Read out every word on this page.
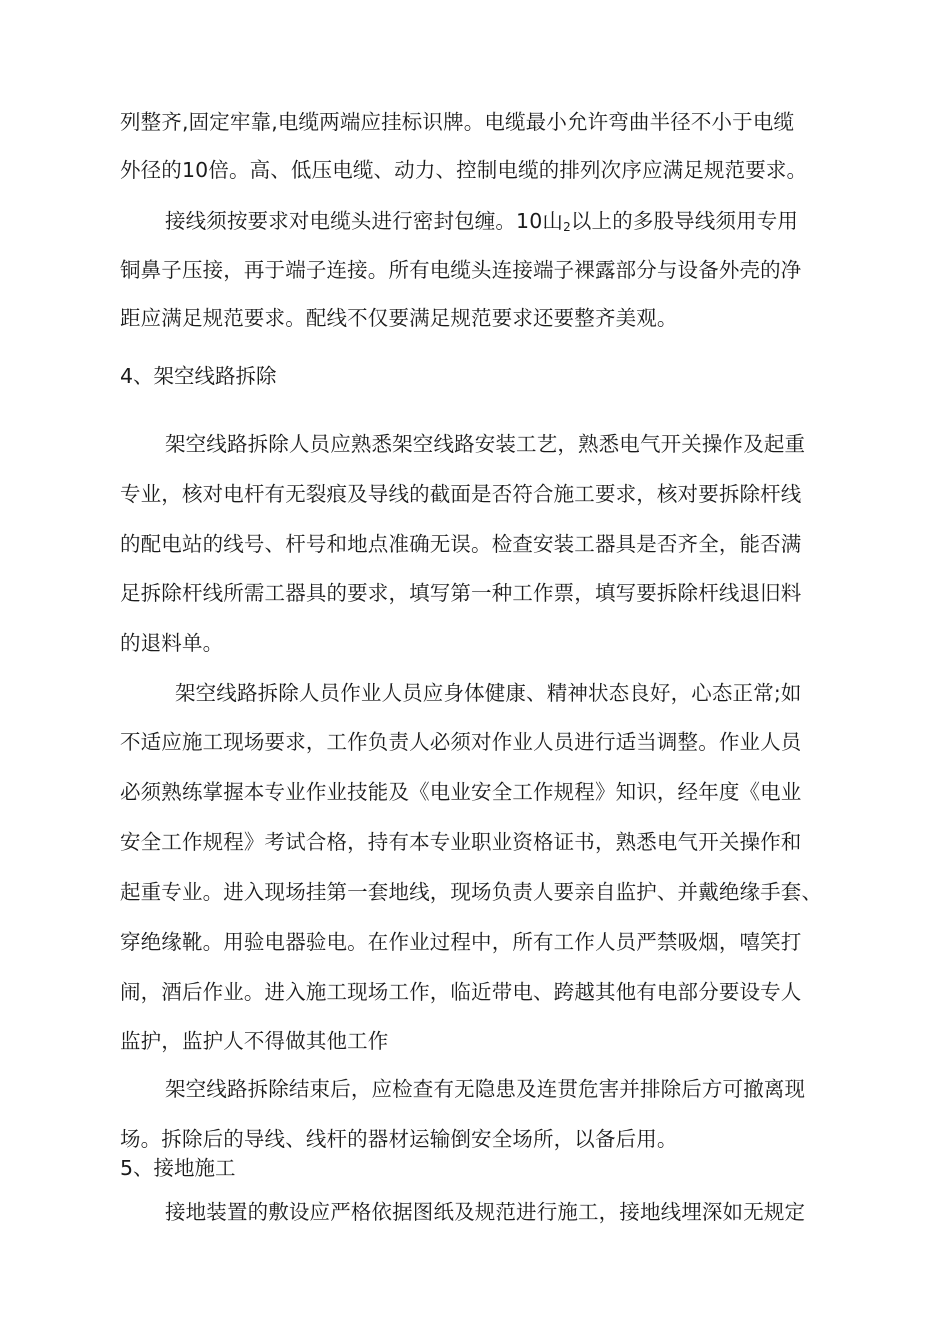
列整齐,固定牢靠,电缆两端应挂标识牌。电缆最小允许弯曲半径不小于电缆
外径的10倍。高、低压电缆、动力、控制电缆的排列次序应满足规范要求。
接线须按要求对电缆头进行密封包缠。10山2以上的多股导线须用专用
铜鼻子压接，再于端子连接。所有电缆头连接端子裸露部分与设备外壳的净
距应满足规范要求。配线不仅要满足规范要求还要整齐美观。
4、架空线路拆除
架空线路拆除人员应熟悉架空线路安装工艺，熟悉电气开关操作及起重
专业，核对电杆有无裂痕及导线的截面是否符合施工要求，核对要拆除杆线
的配电站的线号、杆号和地点准确无误。检查安装工器具是否齐全，能否满
足拆除杆线所需工器具的要求，填写第一种工作票，填写要拆除杆线退旧料
的退料单。
架空线路拆除人员作业人员应身体健康、精神状态良好，心态正常;如
不适应施工现场要求，工作负责人必须对作业人员进行适当调整。作业人员
必须熟练掌握本专业作业技能及《电业安全工作规程》知识，经年度《电业
安全工作规程》考试合格，持有本专业职业资格证书，熟悉电气开关操作和
起重专业。进入现场挂第一套地线，现场负责人要亲自监护、并戴绝缘手套、
穿绝缘靴。用验电器验电。在作业过程中，所有工作人员严禁吸烟，嘻笑打
闹，酒后作业。进入施工现场工作，临近带电、跨越其他有电部分要设专人
监护，监护人不得做其他工作
架空线路拆除结束后，应检查有无隐患及连贯危害并排除后方可撤离现
场。拆除后的导线、线杆的器材运输倒安全场所，以备后用。
5、接地施工
接地装置的敷设应严格依据图纸及规范进行施工，接地线埋深如无规定
